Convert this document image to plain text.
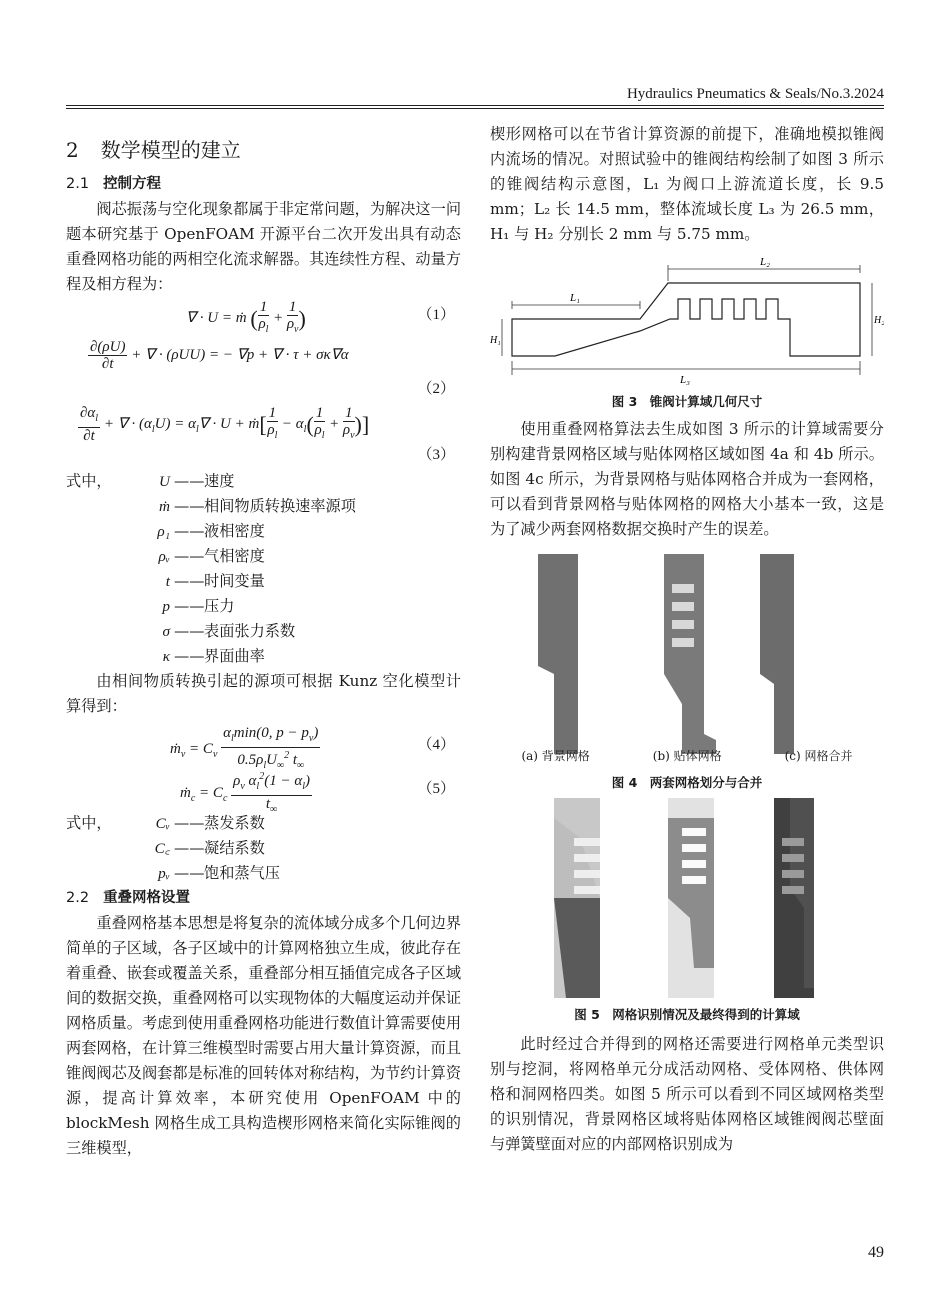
Hydraulics Pneumatics & Seals/No.3.2024
2 数学模型的建立
2.1 控制方程

阀芯振荡与空化现象都属于非定常问题，为解决这一问题本研究基于 OpenFOAM 开源平台二次开发出具有动态重叠网格功能的两相空化流求解器。其连续性方程、动量方程及相方程为：

∇ · U = ṁ ( $\frac{1}{\rho_l} + \frac{1}{\rho_v}$ )	（1）
$\frac{\partial(\rho U)}{\partial t}$ + ∇ · (ρUU) = − ∇p + ∇ · τ + σκ∇α
（2）
$\frac{\partial\alpha_l}{\partial t}$ + ∇ · $(\alpha_lU) = \alpha_l\nabla \cdot U$ + ṁ[ $\frac{1}{\rho_l} - \alpha_l( \frac{1}{\rho_l} + \frac{1}{\rho_v}$ )]
（3）
式中，	U —— 速度
ṁ —— 相间物质转换速率源项
ρ₁ —— 液相密度
ρᵥ —— 气相密度
t —— 时间变量
p —— 压力
σ —— 表面张力系数
κ —— 界面曲率

由相间物质转换引起的源项可根据 Kunz 空化模型计算得到：

ṁ$_v$ = $C_v \frac{\alpha_l\min(0, p - p_v)}{0.5\rho_lU_\infty^2 t_\infty}$	（4）
ṁ$_c$ = $C_c \frac{\rho_v \alpha_l^2(1 - \alpha_l)}{t_\infty}$	（5）
式中，	Cᵥ —— 蒸发系数
C꜀ —— 凝结系数
pᵥ —— 饱和蒸气压
2.2 重叠网格设置

重叠网格基本思想是将复杂的流体域分成多个几何边界简单的子区域，各子区域中的计算网格独立生成，彼此存在着重叠、嵌套或覆盖关系，重叠部分相互插值完成各子区域间的数据交换，重叠网格可以实现物体的大幅度运动并保证网格质量。考虑到使用重叠网格功能进行数值计算需要使用两套网格，在计算三维模型时需要占用大量计算资源，而且锥阀阀芯及阀套都是标准的回转体对称结构，为节约计算资源，提高计算效率，本研究使用 OpenFOAM 中的 blockMesh 网格生成工具构造楔形网格来简化实际锥阀的三维模型，

楔形网格可以在节省计算资源的前提下，准确地模拟锥阀内流场的情况。对照试验中的锥阀结构绘制了如图 3 所示的锥阀结构示意图，L₁ 为阀口上游流道长度，长 9.5 mm；L₂ 长 14.5 mm，整体流域长度 L₃ 为 26.5 mm，H₁ 与 H₂ 分别长 2 mm 与 5.75 mm。

L₁
L₂
L₃
H₁
H₂
图 3　锥阀计算域几何尺寸

使用重叠网格算法去生成如图 3 所示的计算域需要分别构建背景网格区域与贴体网格区域如图 4a 和 4b 所示。如图 4c 所示，为背景网格与贴体网格合并成为一套网格，可以看到背景网格与贴体网格的网格大小基本一致，这是为了减少两套网格数据交换时产生的误差。

(a) 背景网格	(b) 贴体网格	(c) 网格合并
图 4　两套网格划分与合并
图 5　网格识别情况及最终得到的计算域

此时经过合并得到的网格还需要进行网格单元类型识别与挖洞，将网格单元分成活动网格、受体网格、供体网格和洞网格四类。如图 5 所示可以看到不同区域网格类型的识别情况，背景网格区域将贴体网格区域锥阀阀芯壁面与弹簧壁面对应的内部网格识别成为

49
